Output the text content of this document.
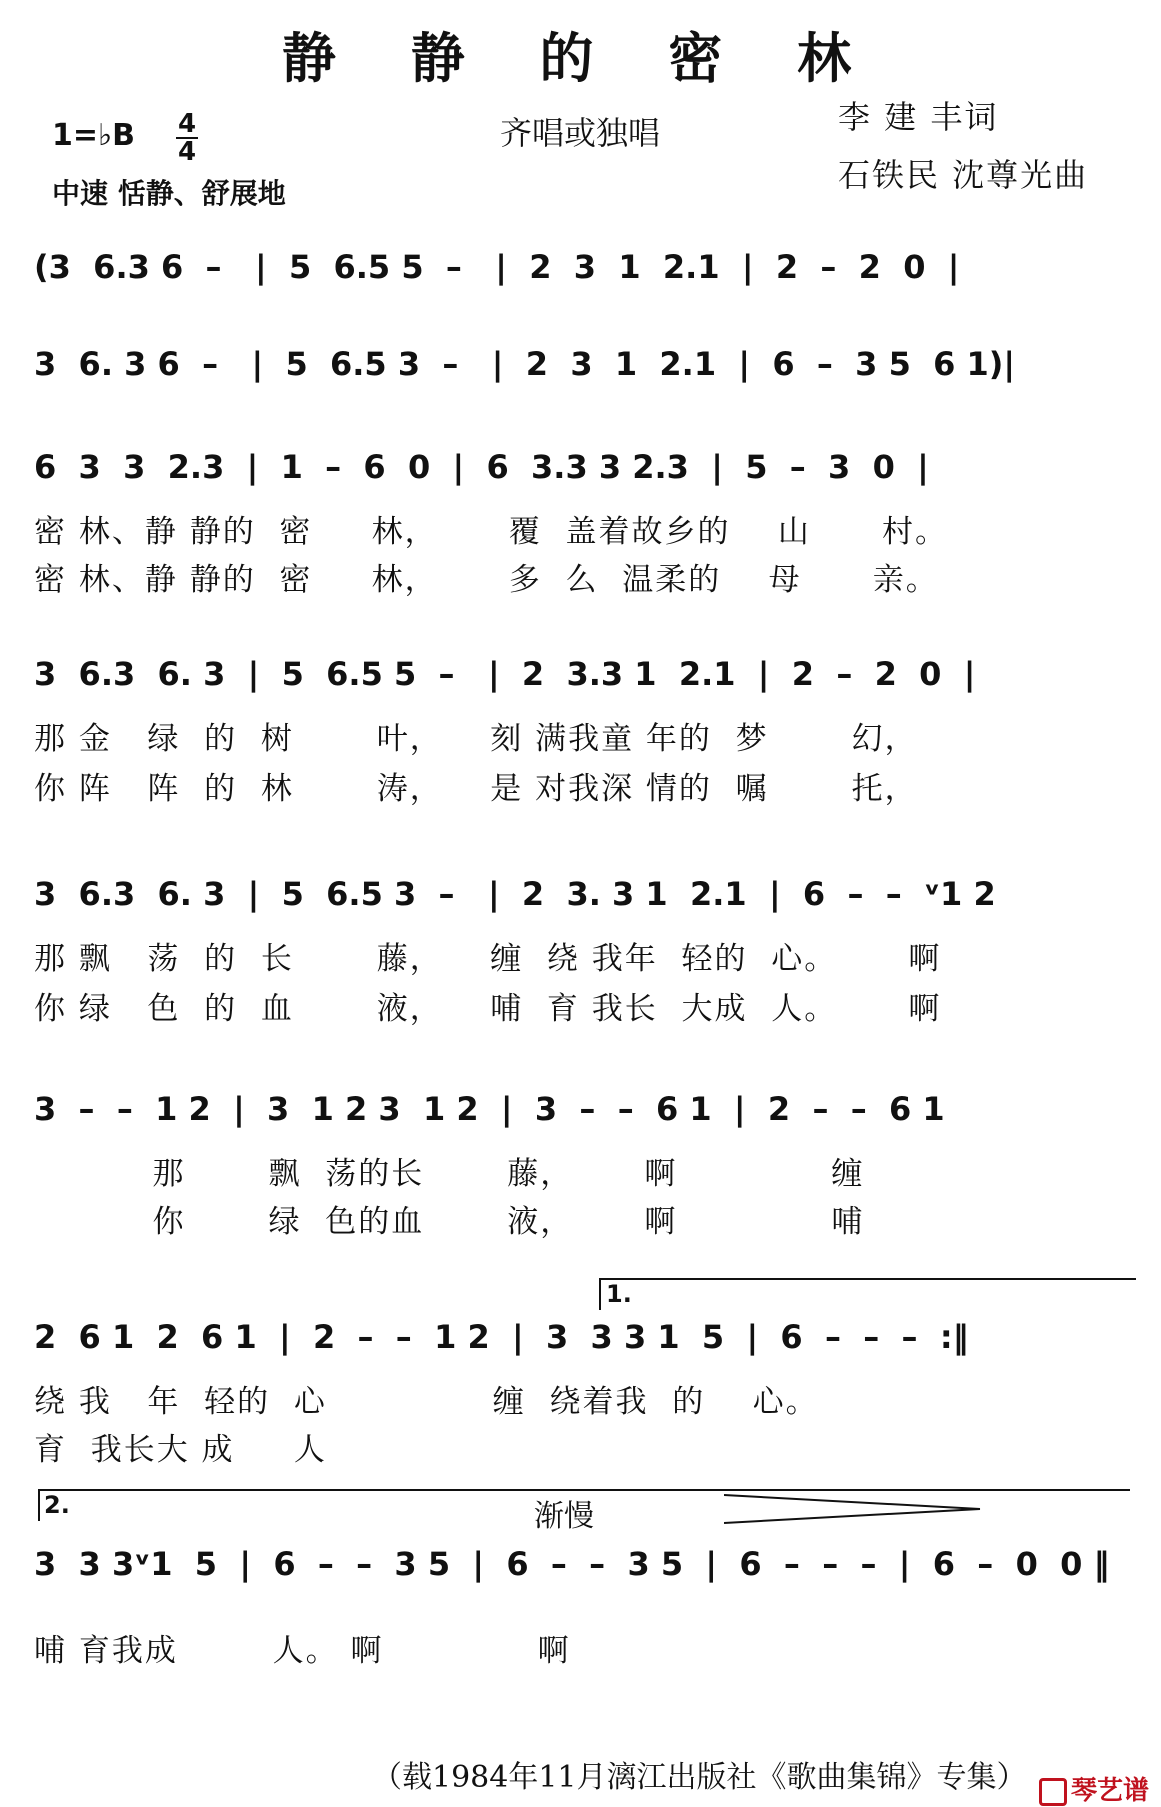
静 静 的 密 林
1=♭B 4
4
中速 恬静、舒展地
齐唱或独唱	李 建 丰词
石铁民 沈尊光曲
(3  6.3 6  –   |  5  6.5 5  –   |  2  3  1  2.1  |  2  –  2  0  |
3  6. 3 6  –   |  5  6.5 3  –   |  2  3  1  2.1  |  6  –  3 5  6 1)|
6  3  3  2.3  |  1  –  6  0  |  6  3.3 3 2.3  |  5  –  3  0  |
密 林、静 静的  密     林，      覆  盖着故乡的    山      村。
密 林、静 静的  密     林，      多  么  温柔的    母      亲。
3  6.3  6. 3  |  5  6.5 5  –   |  2  3.3 1  2.1  |  2  –  2  0  |
那 金   绿  的  树       叶，    刻 满我童 年的  梦       幻，
你 阵   阵  的  林       涛，    是 对我深 情的  嘱       托，
3  6.3  6. 3  |  5  6.5 3  –   |  2  3. 3 1  2.1  |  6  –  –  ᵛ1 2
那 飘   荡  的  长       藤，    缠  绕 我年  轻的  心。      啊
你 绿   色  的  血       液，    哺  育 我长  大成  人。      啊
3  –  –  1 2  |  3  1 2 3  1 2  |  3  –  –  6 1  |  2  –  –  6 1
那       飘  荡的长       藤，      啊             缠
你       绿  色的血       液，      啊             哺
1.
2  6 1  2  6 1  |  2  –  –  1 2  |  3  3 3 1  5  |  6  –  –  –  :‖
绕 我   年  轻的  心              缠  绕着我  的    心。
育  我长大 成     人
2.	渐慢
3  3 3ᵛ1  5  |  6  –  –  3 5  |  6  –  –  3 5  |  6  –  –  –  |  6  –  0  0 ‖
哺 育我成        人。 啊             啊
（载1984年11月漓江出版社《歌曲集锦》专集）	琴艺谱
